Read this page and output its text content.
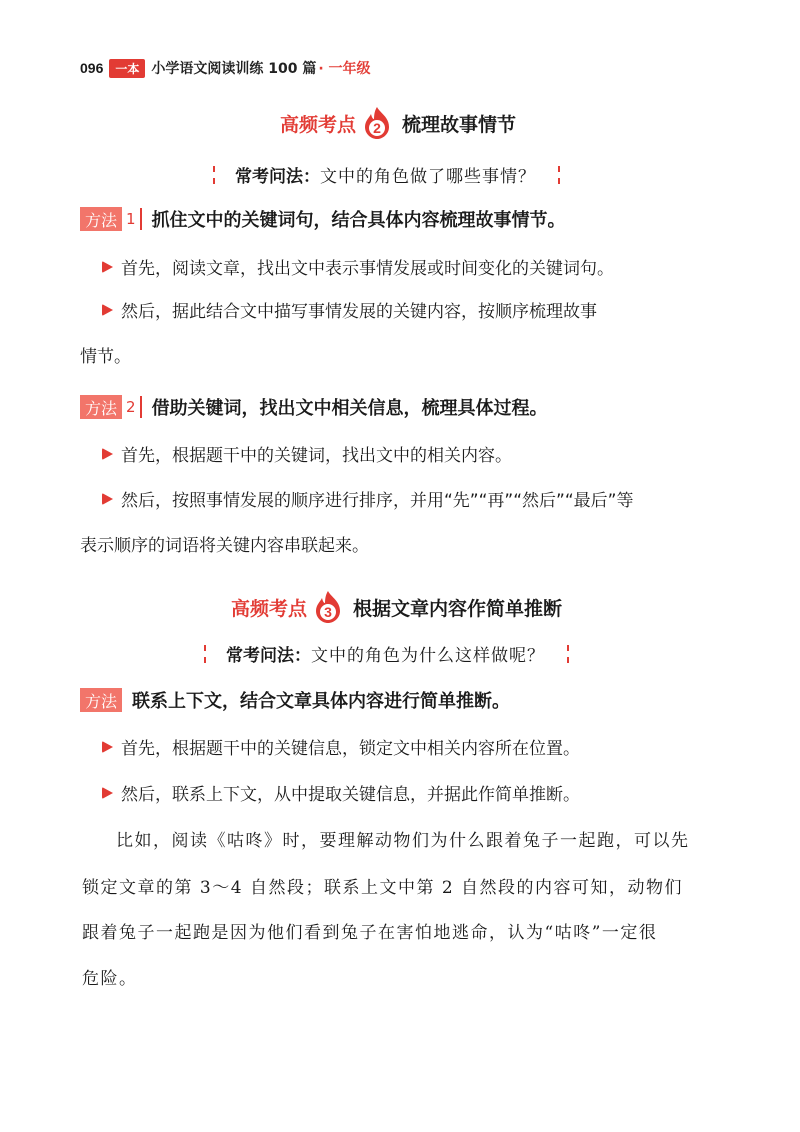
096	一本 小学语文阅读训练 100 篇 · 一年级
高频考点 2 梳理故事情节
常考问法： 文中的角色做了哪些事情？
方法 1 抓住文中的关键词句，结合具体内容梳理故事情节。
首先，阅读文章，找出文中表示事情发展或时间变化的关键词句。
然后，据此结合文中描写事情发展的关键内容，按顺序梳理故事
情节。
方法 2 借助关键词，找出文中相关信息，梳理具体过程。
首先，根据题干中的关键词，找出文中的相关内容。
然后，按照事情发展的顺序进行排序，并用“先”“再”“然后”“最后”等
表示顺序的词语将关键内容串联起来。
高频考点 3 根据文章内容作简单推断
常考问法： 文中的角色为什么这样做呢？
方法 联系上下文，结合文章具体内容进行简单推断。
首先，根据题干中的关键信息，锁定文中相关内容所在位置。
然后，联系上下文，从中提取关键信息，并据此作简单推断。
比如，阅读《咕咚》时，要理解动物们为什么跟着兔子一起跑，可以先
锁定文章的第 3～4 自然段；联系上文中第 2 自然段的内容可知，动物们
跟着兔子一起跑是因为他们看到兔子在害怕地逃命，认为“咕咚”一定很
危险。
